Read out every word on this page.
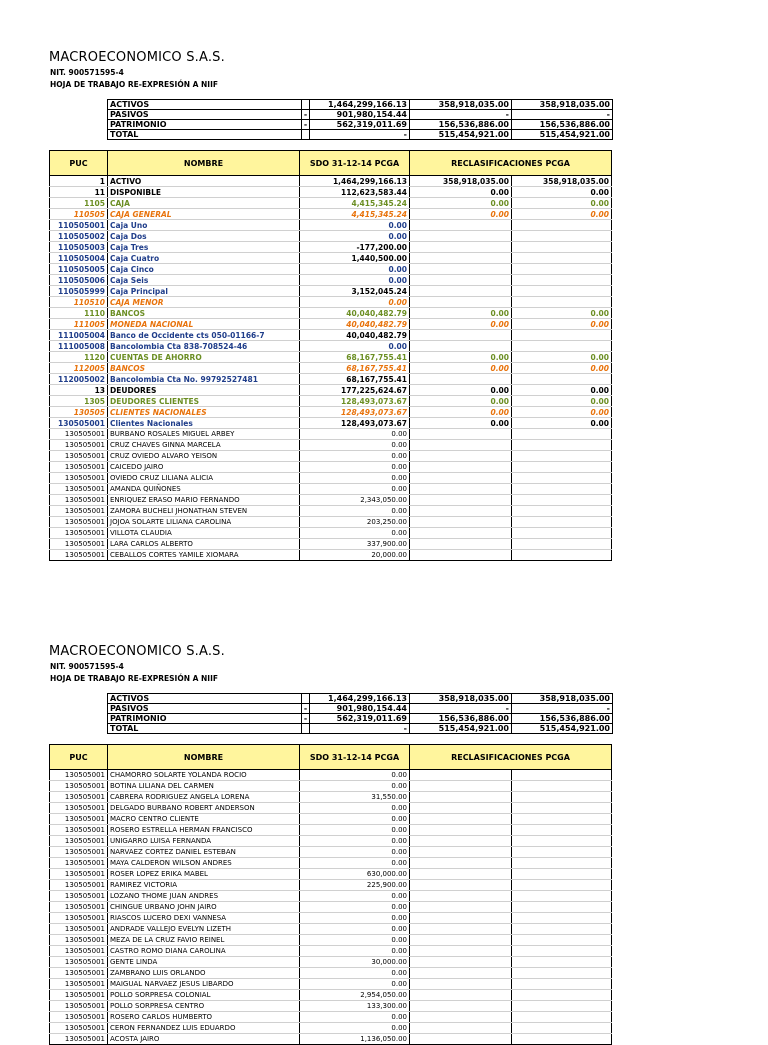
MACROECONOMICO S.A.S.
NIT. 900571595-4
HOJA DE TRABAJO RE-EXPRESIÓN A NIIF
ACTIVOS		1,464,299,166.13	358,918,035.00	358,918,035.00
PASIVOS	-	901,980,154.44	-	-
PATRIMONIO	-	562,319,011.69	156,536,886.00	156,536,886.00
TOTAL		-	515,454,921.00	515,454,921.00
PUC	NOMBRE	SDO 31-12-14 PCGA	RECLASIFICACIONES PCGA	
1	ACTIVO	1,464,299,166.13	358,918,035.00	358,918,035.00
11	DISPONIBLE	112,623,583.44	0.00	0.00
1105	CAJA	4,415,345.24	0.00	0.00
110505	CAJA GENERAL	4,415,345.24	0.00	0.00
110505001	Caja Uno	0.00		
110505002	Caja Dos	0.00		
110505003	Caja Tres	-177,200.00		
110505004	Caja Cuatro	1,440,500.00		
110505005	Caja Cinco	0.00		
110505006	Caja Seis	0.00		
110505999	Caja Principal	3,152,045.24		
110510	CAJA MENOR	0.00		
1110	BANCOS	40,040,482.79	0.00	0.00
111005	MONEDA NACIONAL	40,040,482.79	0.00	0.00
111005004	Banco de Occidente cts 050-01166-7	40,040,482.79		
111005008	Bancolombia Cta 838-708524-46	0.00		
1120	CUENTAS DE AHORRO	68,167,755.41	0.00	0.00
112005	BANCOS	68,167,755.41	0.00	0.00
112005002	Bancolombia Cta No. 99792527481	68,167,755.41		
13	DEUDORES	177,225,624.67	0.00	0.00
1305	DEUDORES CLIENTES	128,493,073.67	0.00	0.00
130505	CLIENTES NACIONALES	128,493,073.67	0.00	0.00
130505001	Clientes Nacionales	128,493,073.67	0.00	0.00
130505001	BURBANO ROSALES MIGUEL ARBEY	0.00		
130505001	CRUZ CHAVES GINNA MARCELA	0.00		
130505001	CRUZ OVIEDO ALVARO YEISON	0.00		
130505001	CAICEDO JAIRO	0.00		
130505001	OVIEDO CRUZ LILIANA ALICIA	0.00		
130505001	AMANDA QUIÑONES	0.00		
130505001	ENRIQUEZ ERASO MARIO FERNANDO	2,343,050.00		
130505001	ZAMORA BUCHELI JHONATHAN STEVEN	0.00		
130505001	JOJOA SOLARTE LILIANA CAROLINA	203,250.00		
130505001	VILLOTA CLAUDIA	0.00		
130505001	LARA CARLOS ALBERTO	337,900.00		
130505001	CEBALLOS CORTES YAMILE XIOMARA	20,000.00		
MACROECONOMICO S.A.S.
NIT. 900571595-4
HOJA DE TRABAJO RE-EXPRESIÓN A NIIF
ACTIVOS		1,464,299,166.13	358,918,035.00	358,918,035.00
PASIVOS	-	901,980,154.44	-	-
PATRIMONIO	-	562,319,011.69	156,536,886.00	156,536,886.00
TOTAL		-	515,454,921.00	515,454,921.00
PUC	NOMBRE	SDO 31-12-14 PCGA	RECLASIFICACIONES PCGA	
130505001	CHAMORRO SOLARTE YOLANDA ROCIO	0.00		
130505001	BOTINA LILIANA DEL CARMEN	0.00		
130505001	CABRERA RODRIGUEZ ANGELA LORENA	31,550.00		
130505001	DELGADO BURBANO ROBERT ANDERSON	0.00		
130505001	MACRO CENTRO CLIENTE	0.00		
130505001	ROSERO ESTRELLA HERMAN FRANCISCO	0.00		
130505001	UNIGARRO LUISA FERNANDA	0.00		
130505001	NARVAEZ CORTEZ DANIEL ESTEBAN	0.00		
130505001	MAYA CALDERON WILSON ANDRES	0.00		
130505001	ROSER LOPEZ ERIKA MABEL	630,000.00		
130505001	RAMIREZ VICTORIA	225,900.00		
130505001	LOZANO THOME JUAN ANDRES	0.00		
130505001	CHINGUE URBANO JOHN JAIRO	0.00		
130505001	RIASCOS LUCERO DEXI VANNESA	0.00		
130505001	ANDRADE VALLEJO EVELYN LIZETH	0.00		
130505001	MEZA DE LA CRUZ FAVIO REINEL	0.00		
130505001	CASTRO ROMO DIANA CAROLINA	0.00		
130505001	GENTE LINDA	30,000.00		
130505001	ZAMBRANO LUIS ORLANDO	0.00		
130505001	MAIGUAL NARVAEZ JESUS LIBARDO	0.00		
130505001	POLLO SORPRESA COLONIAL	2,954,050.00		
130505001	POLLO SORPRESA CENTRO	133,300.00		
130505001	ROSERO CARLOS HUMBERTO	0.00		
130505001	CERON FERNANDEZ LUIS EDUARDO	0.00		
130505001	ACOSTA JAIRO	1,136,050.00		
